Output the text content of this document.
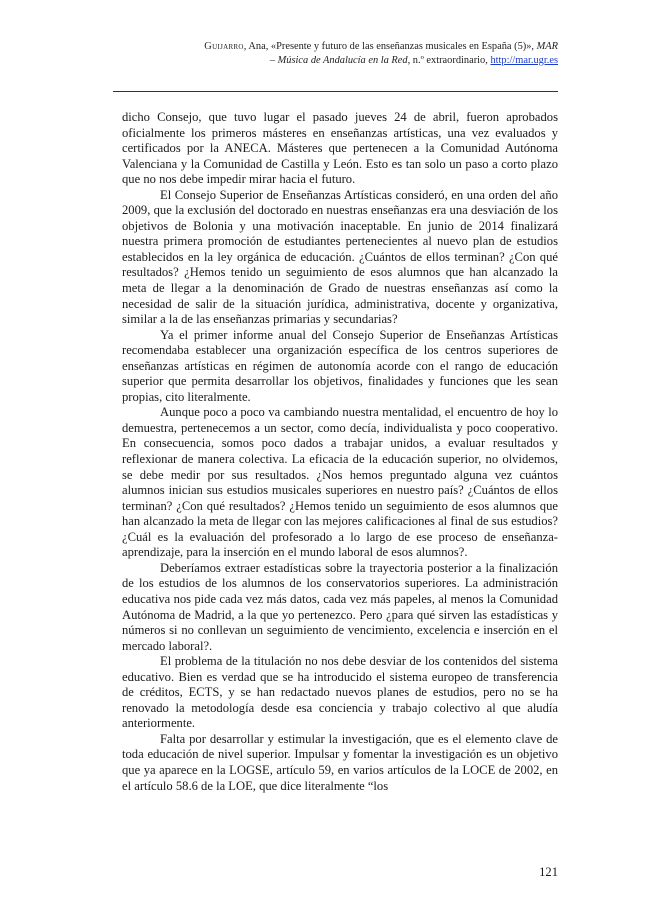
Guijarro, Ana, «Presente y futuro de las enseñanzas musicales en España (5)», MAR – Música de Andalucía en la Red, n.º extraordinario, http://mar.ugr.es

dicho Consejo, que tuvo lugar el pasado jueves 24 de abril, fueron aprobados oficialmente los primeros másteres en enseñanzas artísticas, una vez evaluados y certificados por la ANECA. Másteres que pertenecen a la Comunidad Autónoma Valenciana y la Comunidad de Castilla y León. Esto es tan solo un paso a corto plazo que no nos debe impedir mirar hacia el futuro.

El Consejo Superior de Enseñanzas Artísticas consideró, en una orden del año 2009, que la exclusión del doctorado en nuestras enseñanzas era una desviación de los objetivos de Bolonia y una motivación inaceptable. En junio de 2014 finalizará nuestra primera promoción de estudiantes pertenecientes al nuevo plan de estudios establecidos en la ley orgánica de educación. ¿Cuántos de ellos terminan? ¿Con qué resultados? ¿Hemos tenido un seguimiento de esos alumnos que han alcanzado la meta de llegar a la denominación de Grado de nuestras enseñanzas así como la necesidad de salir de la situación jurídica, administrativa, docente y organizativa, similar a la de las enseñanzas primarias y secundarias?

Ya el primer informe anual del Consejo Superior de Enseñanzas Artísticas recomendaba establecer una organización específica de los centros superiores de enseñanzas artísticas en régimen de autonomía acorde con el rango de educación superior que permita desarrollar los objetivos, finalidades y funciones que les sean propias, cito literalmente.

Aunque poco a poco va cambiando nuestra mentalidad, el encuentro de hoy lo demuestra, pertenecemos a un sector, como decía, individualista y poco cooperativo. En consecuencia, somos poco dados a trabajar unidos, a evaluar resultados y reflexionar de manera colectiva. La eficacia de la educación superior, no olvidemos, se debe medir por sus resultados. ¿Nos hemos preguntado alguna vez cuántos alumnos inician sus estudios musicales superiores en nuestro país? ¿Cuántos de ellos terminan? ¿Con qué resultados? ¿Hemos tenido un seguimiento de esos alumnos que han alcanzado la meta de llegar con las mejores calificaciones al final de sus estudios? ¿Cuál es la evaluación del profesorado a lo largo de ese proceso de enseñanza-aprendizaje, para la inserción en el mundo laboral de esos alumnos?.

Deberíamos extraer estadísticas sobre la trayectoria posterior a la finalización de los estudios de los alumnos de los conservatorios superiores. La administración educativa nos pide cada vez más datos, cada vez más papeles, al menos la Comunidad Autónoma de Madrid, a la que yo pertenezco. Pero ¿para qué sirven las estadísticas y números si no conllevan un seguimiento de vencimiento, excelencia e inserción en el mercado laboral?.

El problema de la titulación no nos debe desviar de los contenidos del sistema educativo. Bien es verdad que se ha introducido el sistema europeo de transferencia de créditos, ECTS, y se han redactado nuevos planes de estudios, pero no se ha renovado la metodología desde esa conciencia y trabajo colectivo al que aludía anteriormente.

Falta por desarrollar y estimular la investigación, que es el elemento clave de toda educación de nivel superior. Impulsar y fomentar la investigación es un objetivo que ya aparece en la LOGSE, artículo 59, en varios artículos de la LOCE de 2002, en el artículo 58.6 de la LOE, que dice literalmente “los

121
